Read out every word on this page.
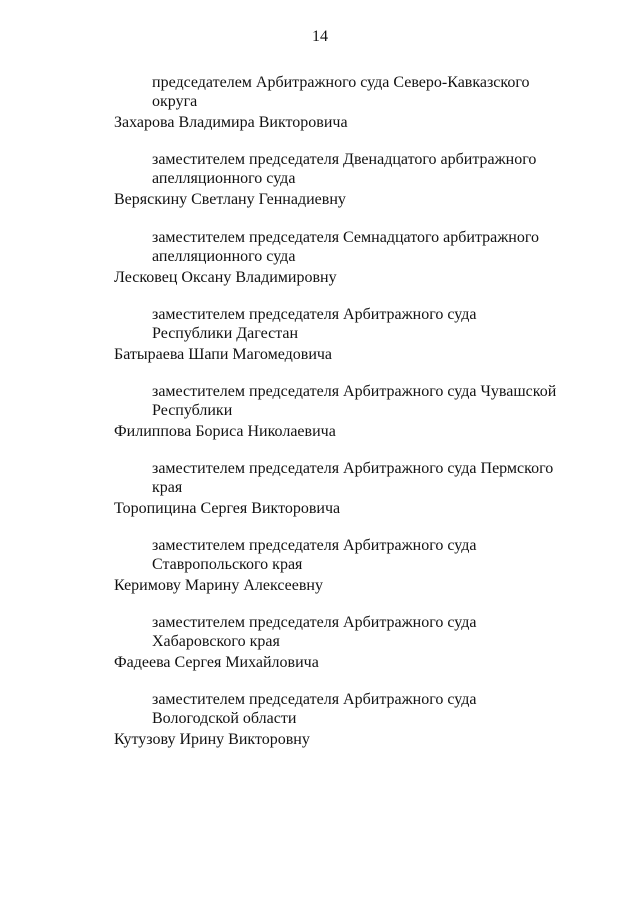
14
председателем Арбитражного суда Северо-Кавказского
округа
Захарова Владимира Викторовича
заместителем председателя Двенадцатого арбитражного
апелляционного суда
Веряскину Светлану Геннадиевну
заместителем председателя Семнадцатого арбитражного
апелляционного суда
Лесковец Оксану Владимировну
заместителем председателя Арбитражного суда
Республики Дагестан
Батыраева Шапи Магомедовича
заместителем председателя Арбитражного суда Чувашской
Республики
Филиппова Бориса Николаевича
заместителем председателя Арбитражного суда Пермского
края
Торопицина Сергея Викторовича
заместителем председателя Арбитражного суда
Ставропольского края
Керимову Марину Алексеевну
заместителем председателя Арбитражного суда
Хабаровского края
Фадеева Сергея Михайловича
заместителем председателя Арбитражного суда
Вологодской области
Кутузову Ирину Викторовну
